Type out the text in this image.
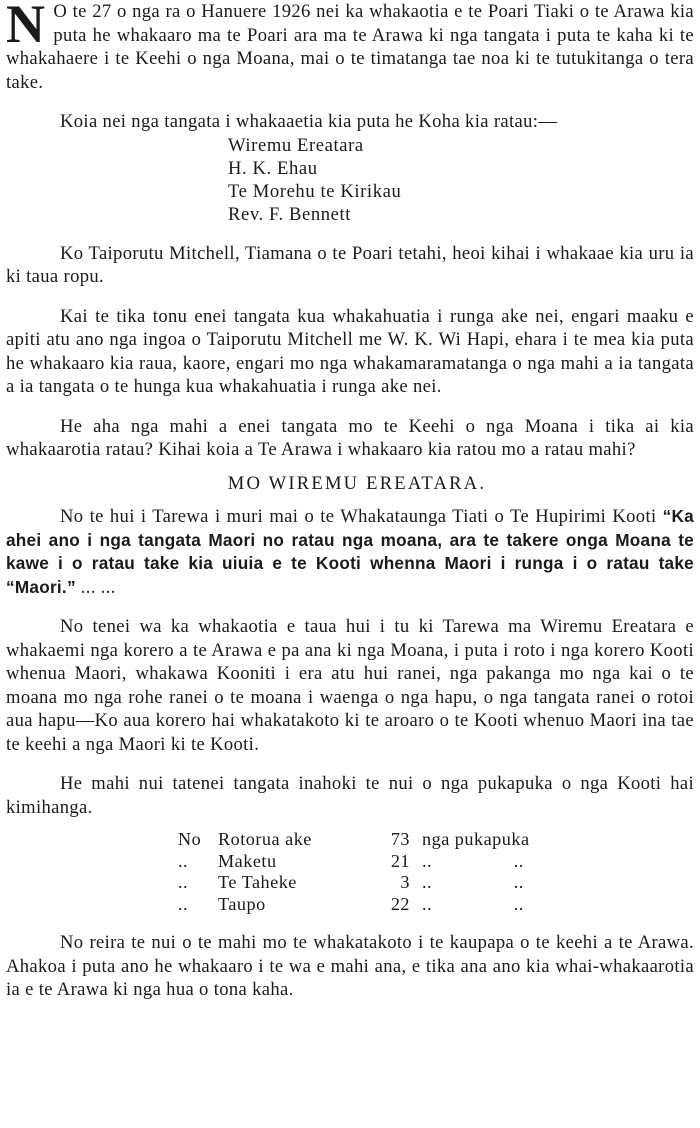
N O te 27 o nga ra o Hanuere 1926 nei ka whakaotia e te Poari Tiaki o te Arawa kia puta he whakaaro ma te Poari ara ma te Arawa ki nga tangata i puta te kaha ki te whakahaere i te Keehi o nga Moana, mai o te timatanga tae noa ki te tutukitanga o tera take.

Koia nei nga tangata i whakaaetia kia puta he Koha kia ratau:—

Wiremu Ereatara
H. K. Ehau
Te Morehu te Kirikau
Rev. F. Bennett

Ko Taiporutu Mitchell, Tiamana o te Poari tetahi, heoi kihai i whakaae kia uru ia ki taua ropu.

Kai te tika tonu enei tangata kua whakahuatia i runga ake nei, engari maaku e apiti atu ano nga ingoa o Taiporutu Mitchell me W. K. Wi Hapi, ehara i te mea kia puta he whakaaro kia raua, kaore, engari mo nga whakamaramatanga o nga mahi a ia tangata a ia tangata o te hunga kua whakahuatia i runga ake nei.

He aha nga mahi a enei tangata mo te Keehi o nga Moana i tika ai kia whakaarotia ratau? Kihai koia a Te Arawa i whakaaro kia ratou mo a ratau mahi?

MO WIREMU EREATARA.

No te hui i Tarewa i muri mai o te Whakataunga Tiati o Te Hupirimi Kooti “Ka ahei ano i nga tangata Maori no ratau nga moana, ara te takere onga Moana te kawe i o ratau take kia uiuia e te Kooti whenna Maori i runga i o ratau take “Maori.” ... ...

No tenei wa ka whakaotia e taua hui i tu ki Tarewa ma Wiremu Ereatara e whakaemi nga korero a te Arawa e pa ana ki nga Moana, i puta i roto i nga korero Kooti whenua Maori, whakawa Kooniti i era atu hui ranei, nga pakanga mo nga kai o te moana mo nga rohe ranei o te moana i waenga o nga hapu, o nga tangata ranei o rotoi aua hapu—Ko aua korero hai whakatakoto ki te aroaro o te Kooti whenuo Maori ina tae te keehi a nga Maori ki te Kooti.

He mahi nui tatenei tangata inahoki te nui o nga pukapuka o nga Kooti hai kimihanga.

No Rotorua ake	73	nga pukapuka	
.. Maketu	21	..	..
.. Te Taheke	3	..	..
.. Taupo	22	..	..

No reira te nui o te mahi mo te whakatakoto i te kaupapa o te keehi a te Arawa. Ahakoa i puta ano he whakaaro i te wa e mahi ana, e tika ana ano kia whai-whakaarotia ia e te Arawa ki nga hua o tona kaha.
